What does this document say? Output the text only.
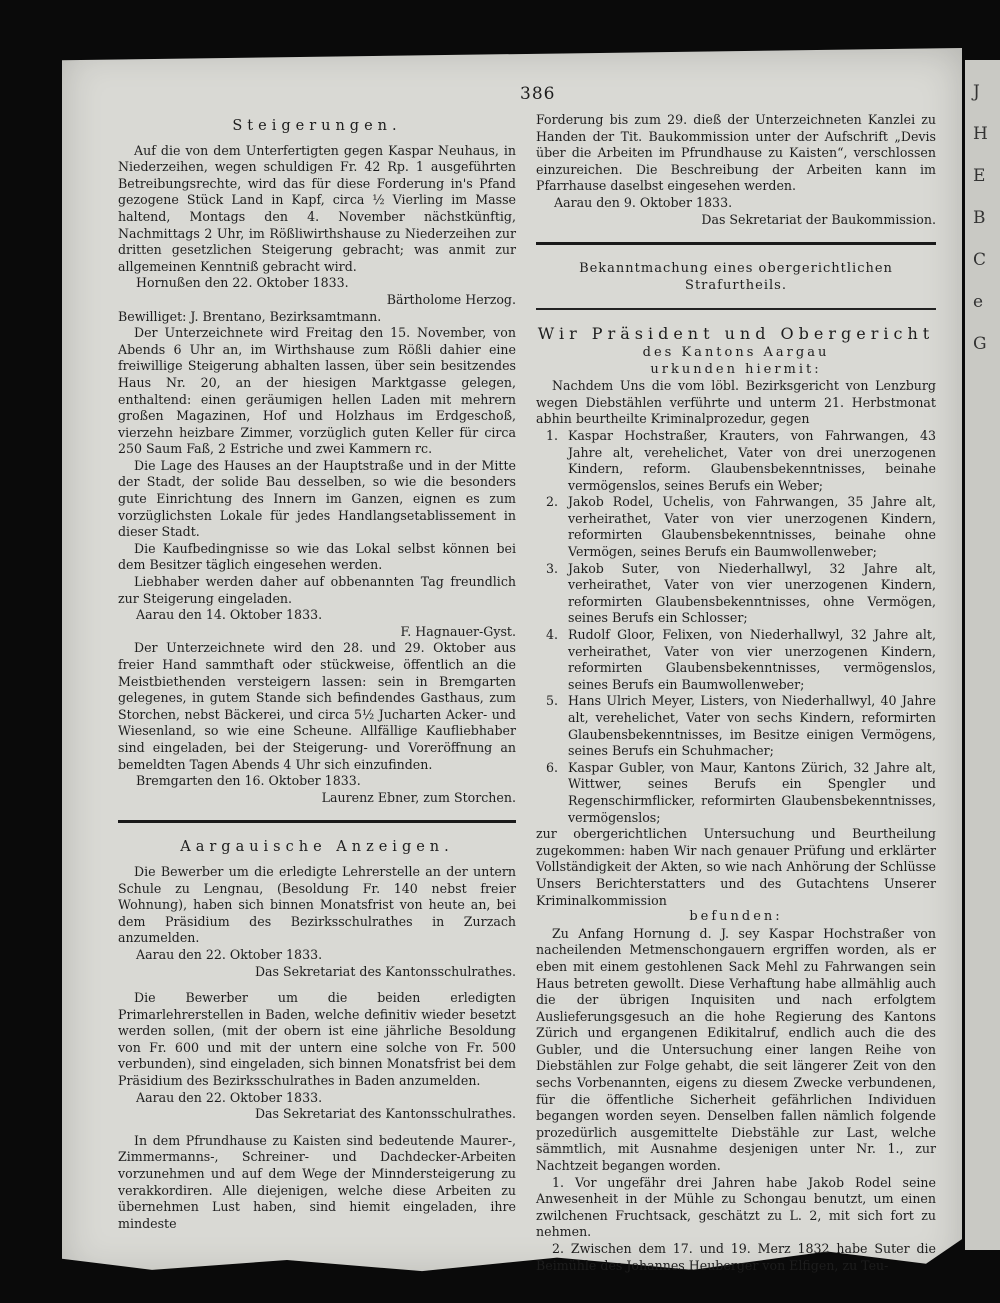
J
H
E
B
C
e
G
386
Steigerungen.

Auf die von dem Unterfertigten gegen Kaspar Neuhaus, in Niederzeihen, wegen schuldigen Fr. 42 Rp. 1 ausgeführten Betreibungsrechte, wird das für diese Forderung in's Pfand gezogene Stück Land in Kapf, circa ½ Vierling im Masse haltend, Montags den 4. November nächstkünftig, Nachmittags 2 Uhr, im Rößliwirthshause zu Niederzeihen zur dritten gesetzlichen Steigerung gebracht; was anmit zur allgemeinen Kenntniß gebracht wird.

Hornußen den 22. Oktober 1833.

Bärtholome Herzog.

Bewilliget: J. Brentano, Bezirksamtmann.

Der Unterzeichnete wird Freitag den 15. November, von Abends 6 Uhr an, im Wirthshause zum Rößli dahier eine freiwillige Steigerung abhalten lassen, über sein besitzendes Haus Nr. 20, an der hiesigen Marktgasse gelegen, enthaltend: einen geräumigen hellen Laden mit mehrern großen Magazinen, Hof und Holzhaus im Erdgeschoß, vierzehn heizbare Zimmer, vorzüglich guten Keller für circa 250 Saum Faß, 2 Estriche und zwei Kammern rc.

Die Lage des Hauses an der Hauptstraße und in der Mitte der Stadt, der solide Bau desselben, so wie die besonders gute Einrichtung des Innern im Ganzen, eignen es zum vorzüglichsten Lokale für jedes Handlangsetablissement in dieser Stadt.

Die Kaufbedingnisse so wie das Lokal selbst können bei dem Besitzer täglich eingesehen werden.

Liebhaber werden daher auf obbenannten Tag freundlich zur Steigerung eingeladen.

Aarau den 14. Oktober 1833.

F. Hagnauer-Gyst.

Der Unterzeichnete wird den 28. und 29. Oktober aus freier Hand sammthaft oder stückweise, öffentlich an die Meistbiethenden versteigern lassen: sein in Bremgarten gelegenes, in gutem Stande sich befindendes Gasthaus, zum Storchen, nebst Bäckerei, und circa 5½ Jucharten Acker- und Wiesenland, so wie eine Scheune. Allfällige Kaufliebhaber sind eingeladen, bei der Steigerung- und Voreröffnung an bemeldten Tagen Abends 4 Uhr sich einzufinden.

Bremgarten den 16. Oktober 1833.

Laurenz Ebner, zum Storchen.

Aargauische Anzeigen.

Die Bewerber um die erledigte Lehrerstelle an der untern Schule zu Lengnau, (Besoldung Fr. 140 nebst freier Wohnung), haben sich binnen Monatsfrist von heute an, bei dem Präsidium des Bezirksschulrathes in Zurzach anzumelden.

Aarau den 22. Oktober 1833.

Das Sekretariat des Kantonsschulrathes.

Die Bewerber um die beiden erledigten Primarlehrerstellen in Baden, welche definitiv wieder besetzt werden sollen, (mit der obern ist eine jährliche Besoldung von Fr. 600 und mit der untern eine solche von Fr. 500 verbunden), sind eingeladen, sich binnen Monatsfrist bei dem Präsidium des Bezirksschulrathes in Baden anzumelden.

Aarau den 22. Oktober 1833.

Das Sekretariat des Kantonsschulrathes.

In dem Pfrundhause zu Kaisten sind bedeutende Maurer-, Zimmermanns-, Schreiner- und Dachdecker-Arbeiten vorzunehmen und auf dem Wege der Minndersteigerung zu verakkordiren. Alle diejenigen, welche diese Arbeiten zu übernehmen Lust haben, sind hiemit eingeladen, ihre mindeste

Forderung bis zum 29. dieß der Unterzeichneten Kanzlei zu Handen der Tit. Baukommission unter der Aufschrift „Devis über die Arbeiten im Pfrundhause zu Kaisten“, verschlossen einzureichen. Die Beschreibung der Arbeiten kann im Pfarrhause daselbst eingesehen werden.

Aarau den 9. Oktober 1833.

Das Sekretariat der Baukommission.

Bekanntmachung eines obergerichtlichen Strafurtheils.
Wir Präsident und Obergericht

des Kantons Aargau

urkunden hiermit:

Nachdem Uns die vom löbl. Bezirksgericht von Lenzburg wegen Diebstählen verführte und unterm 21. Herbstmonat abhin beurtheilte Kriminalprozedur, gegen

1. Kaspar Hochstraßer, Krauters, von Fahrwangen, 43 Jahre alt, verehelichet, Vater von drei unerzogenen Kindern, reform. Glaubensbekenntnisses, beinahe vermögenslos, seines Berufs ein Weber;
2. Jakob Rodel, Uchelis, von Fahrwangen, 35 Jahre alt, verheirathet, Vater von vier unerzogenen Kindern, reformirten Glaubensbekenntnisses, beinahe ohne Vermögen, seines Berufs ein Baumwollenweber;
3. Jakob Suter, von Niederhallwyl, 32 Jahre alt, verheirathet, Vater von vier unerzogenen Kindern, reformirten Glaubensbekenntnisses, ohne Vermögen, seines Berufs ein Schlosser;
4. Rudolf Gloor, Felixen, von Niederhallwyl, 32 Jahre alt, verheirathet, Vater von vier unerzogenen Kindern, reformirten Glaubensbekenntnisses, vermögenslos, seines Berufs ein Baumwollenweber;
5. Hans Ulrich Meyer, Listers, von Niederhallwyl, 40 Jahre alt, verehelichet, Vater von sechs Kindern, reformirten Glaubensbekenntnisses, im Besitze einigen Vermögens, seines Berufs ein Schuhmacher;
6. Kaspar Gubler, von Maur, Kantons Zürich, 32 Jahre alt, Wittwer, seines Berufs ein Spengler und Regenschirmflicker, reformirten Glaubensbekenntnisses, vermögenslos;

zur obergerichtlichen Untersuchung und Beurtheilung zugekommen: haben Wir nach genauer Prüfung und erklärter Vollständigkeit der Akten, so wie nach Anhörung der Schlüsse Unsers Berichterstatters und des Gutachtens Unserer Kriminalkommission

befunden:

Zu Anfang Hornung d. J. sey Kaspar Hochstraßer von nacheilenden Metmenschongauern ergriffen worden, als er eben mit einem gestohlenen Sack Mehl zu Fahrwangen sein Haus betreten gewollt. Diese Verhaftung habe allmählig auch die der übrigen Inquisiten und nach erfolgtem Auslieferungsgesuch an die hohe Regierung des Kantons Zürich und ergangenen Edikitalruf, endlich auch die des Gubler, und die Untersuchung einer langen Reihe von Diebstählen zur Folge gehabt, die seit längerer Zeit von den sechs Vorbenannten, eigens zu diesem Zwecke verbundenen, für die öffentliche Sicherheit gefährlichen Individuen begangen worden seyen. Denselben fallen nämlich folgende prozedürlich ausgemittelte Diebstähle zur Last, welche sämmtlich, mit Ausnahme desjenigen unter Nr. 1., zur Nachtzeit begangen worden.

1. Vor ungefähr drei Jahren habe Jakob Rodel seine Anwesenheit in der Mühle zu Schongau benutzt, um einen zwilchenen Fruchtsack, geschätzt zu L. 2, mit sich fort zu nehmen.

2. Zwischen dem 17. und 19. Merz 1832 habe Suter die Beimühle des Johannes Heuberger von Elfigen, zu Teu-
